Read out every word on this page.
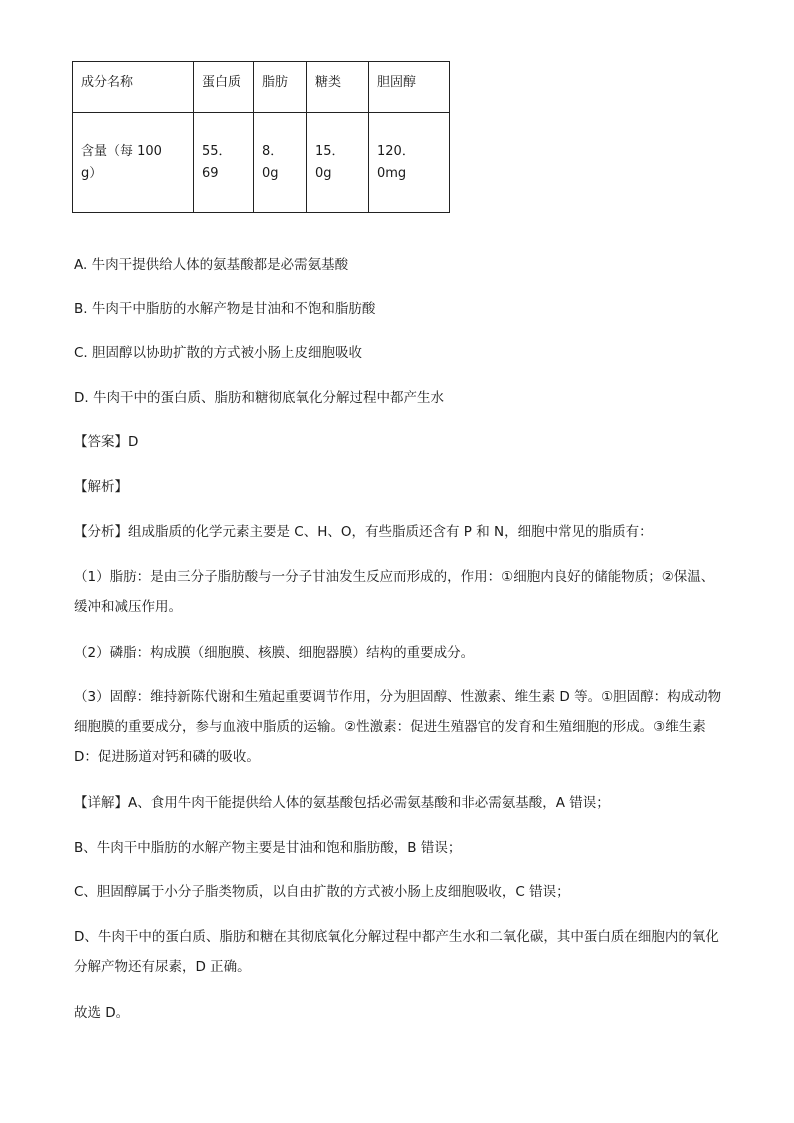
成分名称	蛋白质	脂肪	糖类	胆固醇

含量（每 100
g）	55．69	8．0g	15．0g	120．0mg
A. 牛肉干提供给人体的氨基酸都是必需氨基酸
B. 牛肉干中脂肪的水解产物是甘油和不饱和脂肪酸
C. 胆固醇以协助扩散的方式被小肠上皮细胞吸收
D. 牛肉干中的蛋白质、脂肪和糖彻底氧化分解过程中都产生水
【答案】D
【解析】
【分析】组成脂质的化学元素主要是 C、H、O，有些脂质还含有 P 和 N，细胞中常见的脂质有：
（1）脂肪：是由三分子脂肪酸与一分子甘油发生反应而形成的，作用：①细胞内良好的储能物质；②保温、缓冲和减压作用。
（2）磷脂：构成膜（细胞膜、核膜、细胞器膜）结构的重要成分。
（3）固醇：维持新陈代谢和生殖起重要调节作用，分为胆固醇、性激素、维生素 D 等。①胆固醇：构成动物细胞膜的重要成分，参与血液中脂质的运输。②性激素：促进生殖器官的发育和生殖细胞的形成。③维生素 D：促进肠道对钙和磷的吸收。
【详解】A、食用牛肉干能提供给人体的氨基酸包括必需氨基酸和非必需氨基酸，A 错误；
B、牛肉干中脂肪的水解产物主要是甘油和饱和脂肪酸，B 错误；
C、胆固醇属于小分子脂类物质，以自由扩散的方式被小肠上皮细胞吸收，C 错误；
D、牛肉干中的蛋白质、脂肪和糖在其彻底氧化分解过程中都产生水和二氧化碳，其中蛋白质在细胞内的氧化分解产物还有尿素，D 正确。
故选 D。
